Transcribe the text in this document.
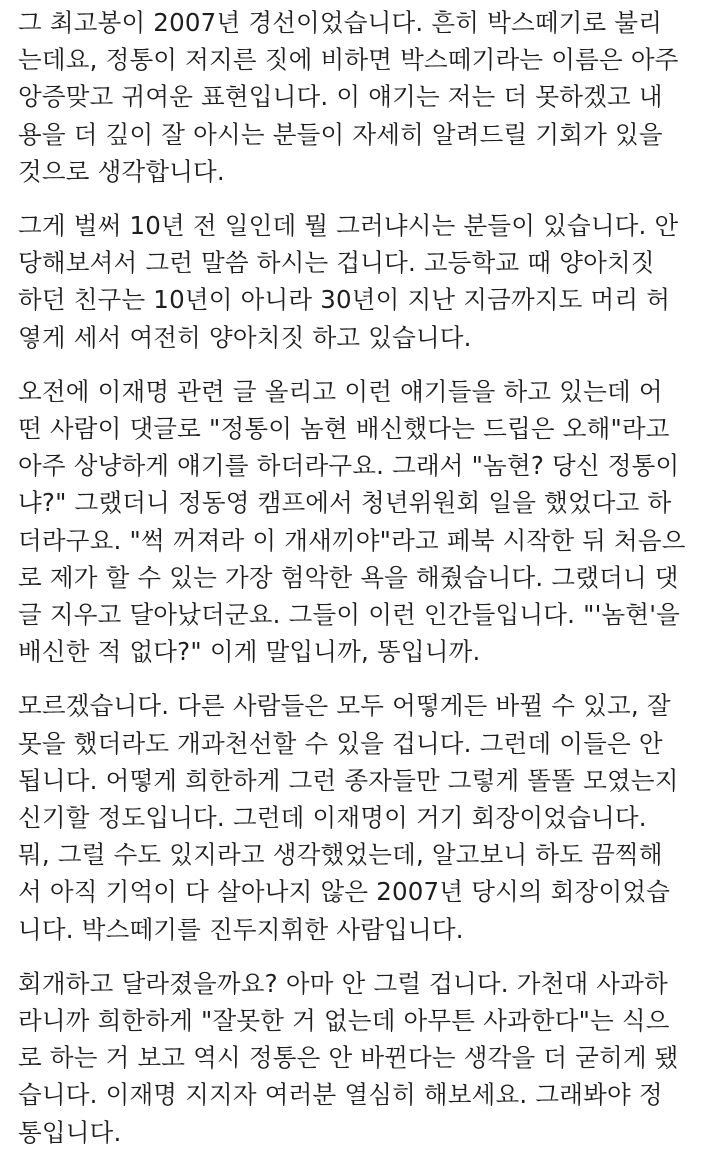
그 최고봉이 2007년 경선이었습니다. 흔히 박스떼기로 불리
는데요, 정통이 저지른 짓에 비하면 박스떼기라는 이름은 아주
앙증맞고 귀여운 표현입니다. 이 얘기는 저는 더 못하겠고 내
용을 더 깊이 잘 아시는 분들이 자세히 알려드릴 기회가 있을
것으로 생각합니다.
그게 벌써 10년 전 일인데 뭘 그러냐시는 분들이 있습니다. 안
당해보셔서 그런 말씀 하시는 겁니다. 고등학교 때 양아치짓
하던 친구는 10년이 아니라 30년이 지난 지금까지도 머리 허
옇게 세서 여전히 양아치짓 하고 있습니다.
오전에 이재명 관련 글 올리고 이런 얘기들을 하고 있는데 어
떤 사람이 댓글로 "정통이 놈현 배신했다는 드립은 오해"라고
아주 상냥하게 얘기를 하더라구요. 그래서 "놈현? 당신 정통이
냐?" 그랬더니 정동영 캠프에서 청년위원회 일을 했었다고 하
더라구요. "썩 꺼져라 이 개새끼야"라고 페북 시작한 뒤 처음으
로 제가 할 수 있는 가장 험악한 욕을 해줬습니다. 그랬더니 댓
글 지우고 달아났더군요. 그들이 이런 인간들입니다. "'놈현'을
배신한 적 없다?" 이게 말입니까, 똥입니까.
모르겠습니다. 다른 사람들은 모두 어떻게든 바뀔 수 있고, 잘
못을 했더라도 개과천선할 수 있을 겁니다. 그런데 이들은 안
됩니다. 어떻게 희한하게 그런 종자들만 그렇게 똘똘 모였는지
신기할 정도입니다. 그런데 이재명이 거기 회장이었습니다.
뭐, 그럴 수도 있지라고 생각했었는데, 알고보니 하도 끔찍해
서 아직 기억이 다 살아나지 않은 2007년 당시의 회장이었습
니다. 박스떼기를 진두지휘한 사람입니다.
회개하고 달라졌을까요? 아마 안 그럴 겁니다. 가천대 사과하
라니까 희한하게 "잘못한 거 없는데 아무튼 사과한다"는 식으
로 하는 거 보고 역시 정통은 안 바뀐다는 생각을 더 굳히게 됐
습니다. 이재명 지지자 여러분 열심히 해보세요. 그래봐야 정
통입니다.
